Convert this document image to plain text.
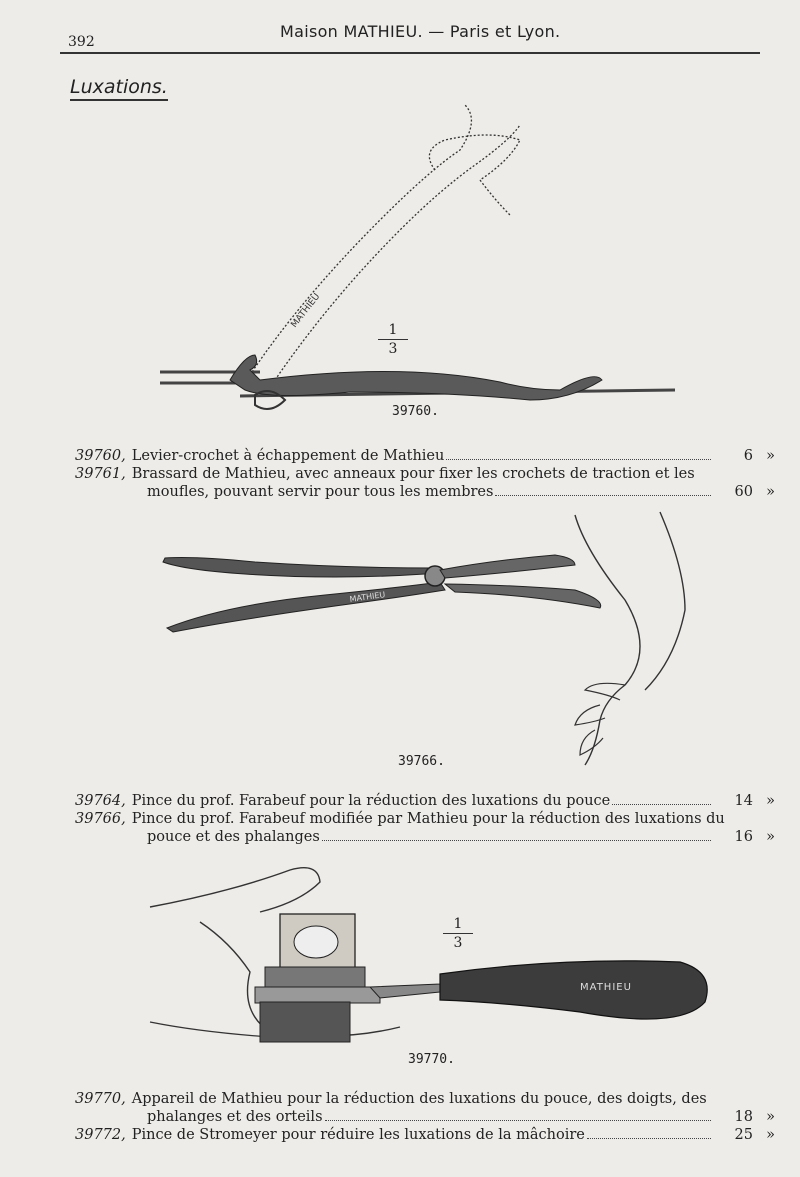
392
Maison MATHIEU. — Paris et Lyon.
Luxations.
MATHIEU
$\frac{1}{3}$
39760.
39760, Levier-crochet à échappement de Mathieu	6 »
39761, Brassard de Mathieu, avec anneaux pour fixer les crochets de traction et les
moufles, pouvant servir pour tous les membres	60 »
MATHIEU
39766.
39764, Pince du prof. Farabeuf pour la réduction des luxations du pouce	14 »
39766, Pince du prof. Farabeuf modifiée par Mathieu pour la réduction des luxations du
pouce et des phalanges	16 »
MATHIEU
$\frac{1}{3}$
39770.
39770, Appareil de Mathieu pour la réduction des luxations du pouce, des doigts, des
phalanges et des orteils	18 »
39772, Pince de Stromeyer pour réduire les luxations de la mâchoire	25 »
